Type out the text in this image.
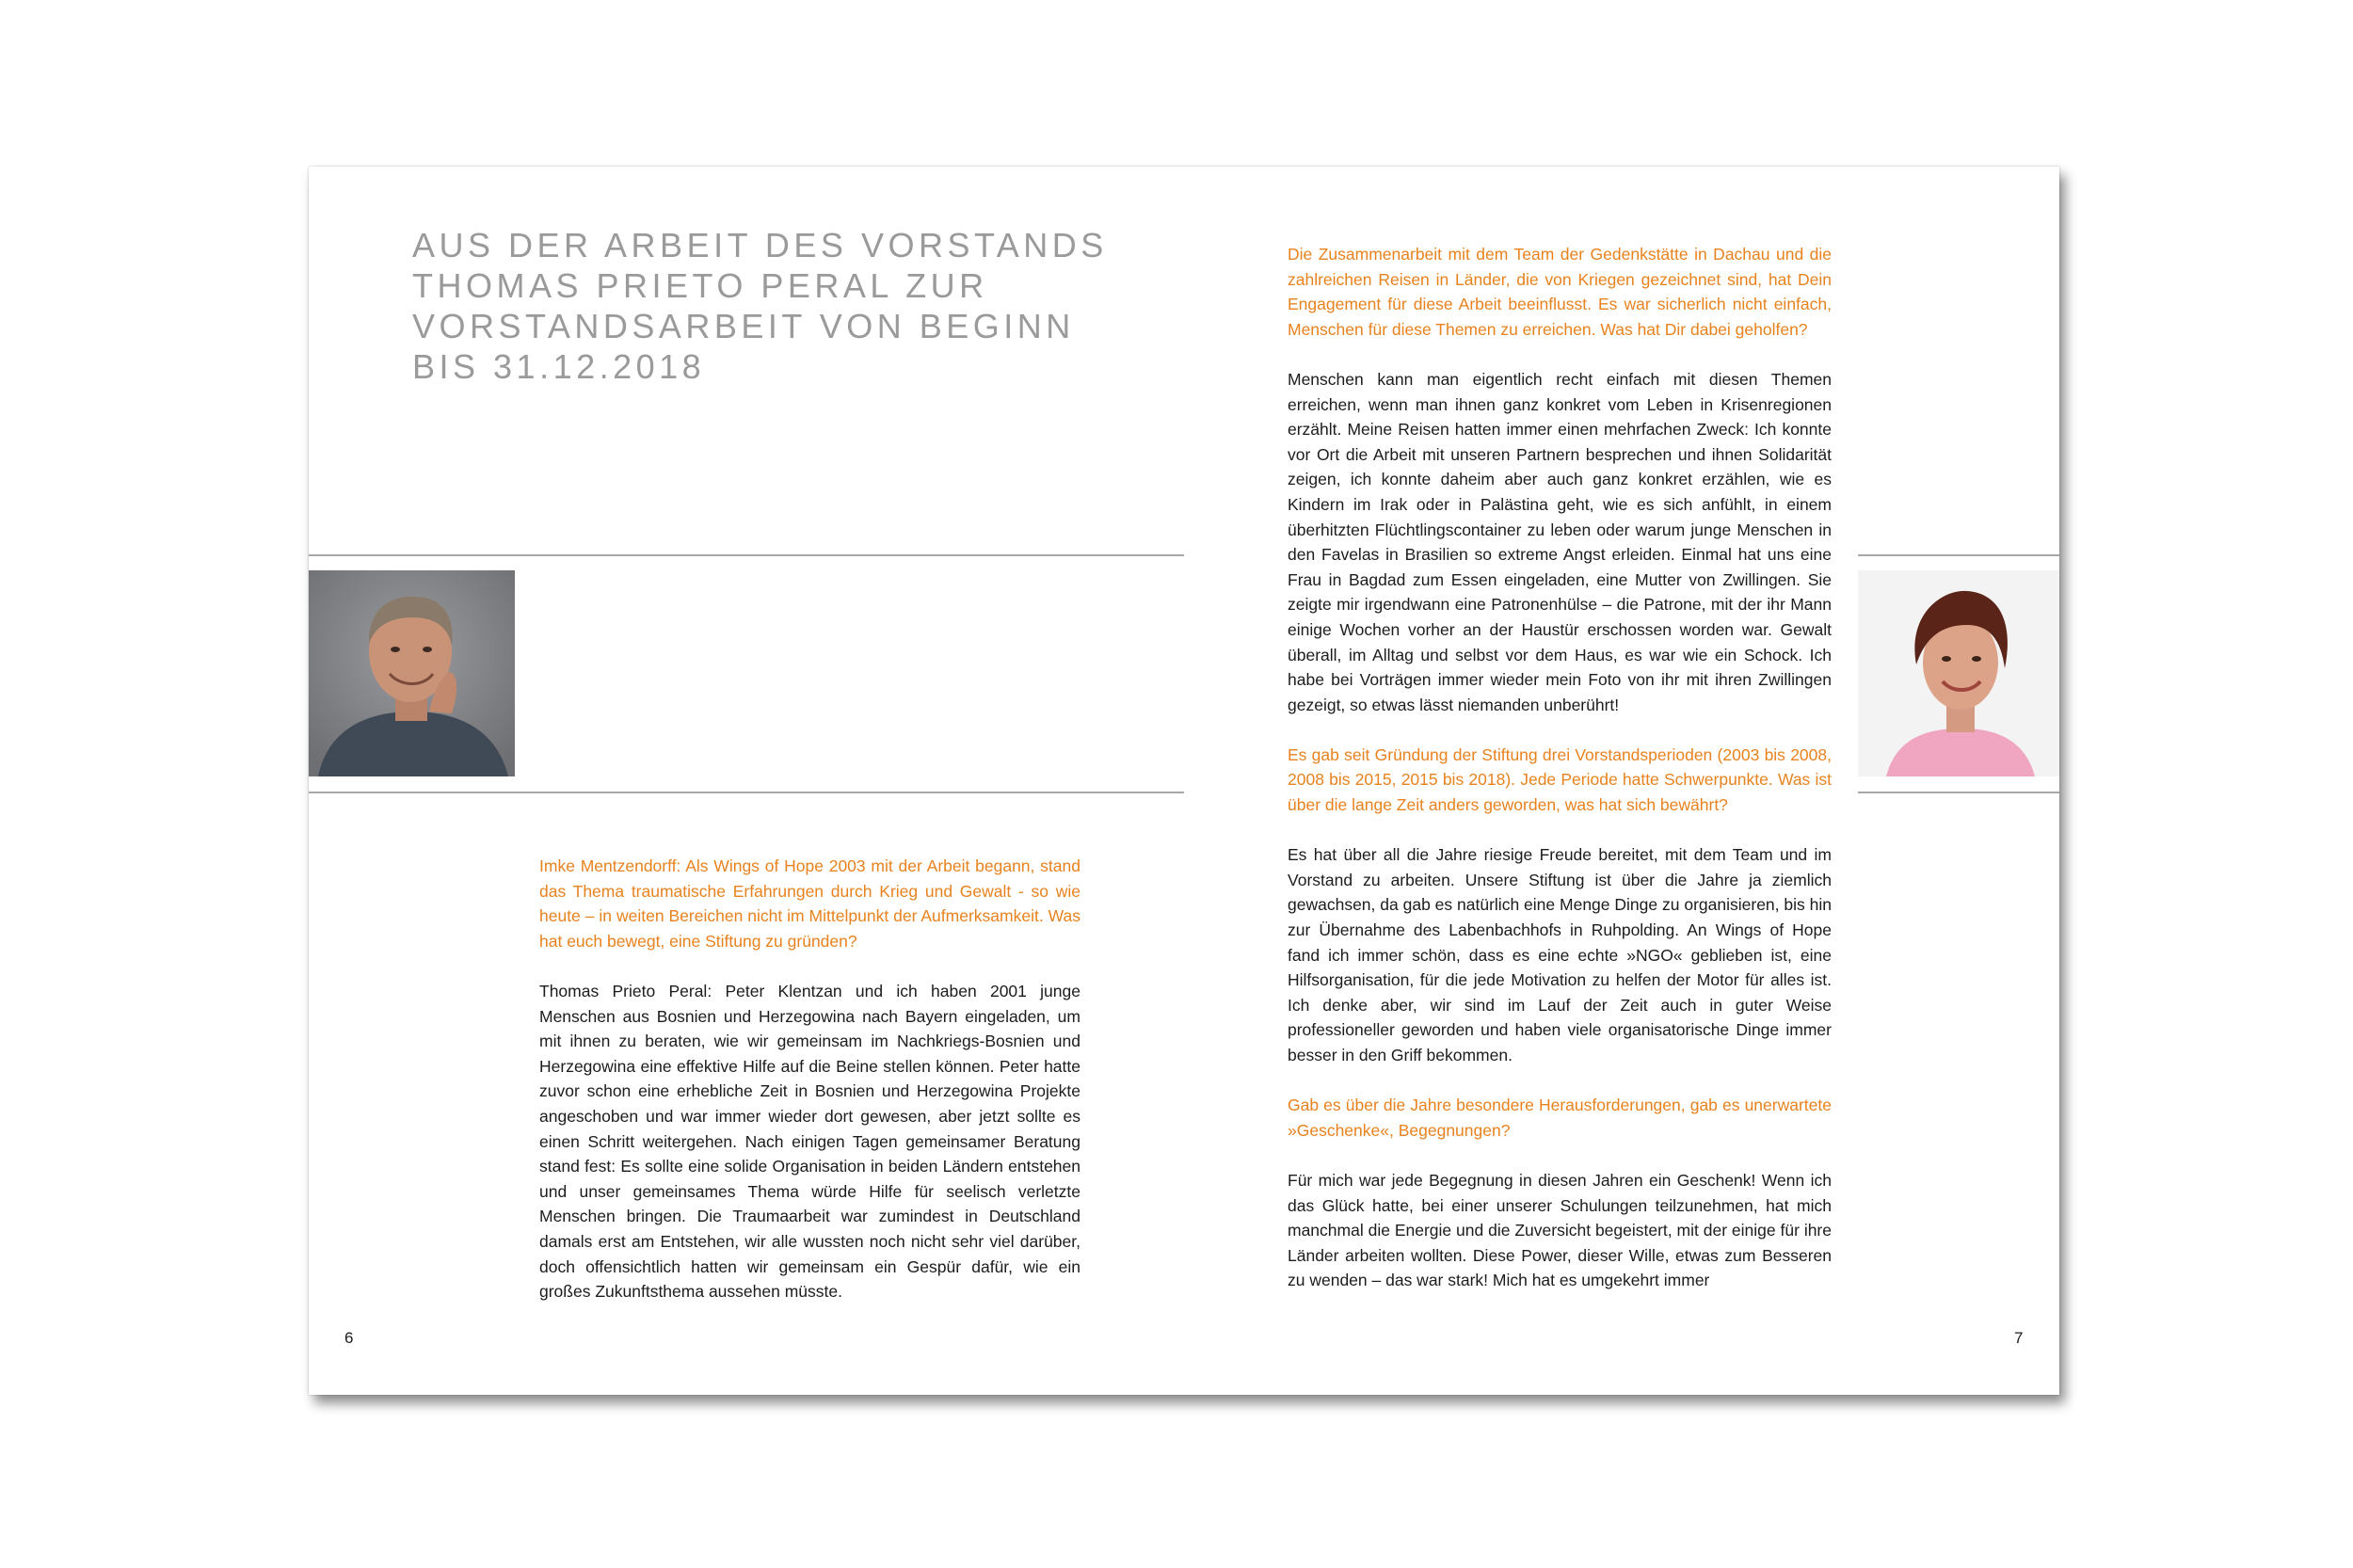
AUS DER ARBEIT DES VORSTANDS
THOMAS PRIETO PERAL ZUR
VORSTANDSARBEIT VON BEGINN
BIS 31.12.2018

Imke Mentzendorff: Als Wings of Hope 2003 mit der Arbeit begann, stand das Thema traumatische Erfahrungen durch Krieg und Gewalt - so wie heute – in weiten Bereichen nicht im Mittelpunkt der Aufmerksamkeit. Was hat euch bewegt, eine Stiftung zu gründen?

Thomas Prieto Peral: Peter Klentzan und ich haben 2001 junge Menschen aus Bosnien und Herzegowina nach Bayern eingeladen, um mit ihnen zu beraten, wie wir gemeinsam im Nachkriegs-Bosnien und Herzegowina eine effektive Hilfe auf die Beine stellen können. Peter hatte zuvor schon eine erhebliche Zeit in Bosnien und Herzegowina Projekte angeschoben und war immer wieder dort gewesen, aber jetzt sollte es einen Schritt weitergehen. Nach einigen Tagen gemeinsamer Beratung stand fest: Es sollte eine solide Organisation in beiden Ländern entstehen und unser gemeinsames Thema würde Hilfe für seelisch verletzte Menschen bringen. Die Traumaarbeit war zumindest in Deutschland damals erst am Entstehen, wir alle wussten noch nicht sehr viel darüber, doch offensichtlich hatten wir gemeinsam ein Gespür dafür, wie ein großes Zukunftsthema aussehen müsste.

Die Zusammenarbeit mit dem Team der Gedenkstätte in Dachau und die zahlreichen Reisen in Länder, die von Kriegen gezeichnet sind, hat Dein Engagement für diese Arbeit beeinflusst. Es war sicherlich nicht einfach, Menschen für diese Themen zu erreichen. Was hat Dir dabei geholfen?

Menschen kann man eigentlich recht einfach mit diesen Themen erreichen, wenn man ihnen ganz konkret vom Leben in Krisenregionen erzählt. Meine Reisen hatten immer einen mehrfachen Zweck: Ich konnte vor Ort die Arbeit mit unseren Partnern besprechen und ihnen Solidarität zeigen, ich konnte daheim aber auch ganz konkret erzählen, wie es Kindern im Irak oder in Palästina geht, wie es sich anfühlt, in einem überhitzten Flüchtlingscontainer zu leben oder warum junge Menschen in den Favelas in Brasilien so extreme Angst erleiden. Einmal hat uns eine Frau in Bagdad zum Essen eingeladen, eine Mutter von Zwillingen. Sie zeigte mir irgendwann eine Patronenhülse – die Patrone, mit der ihr Mann einige Wochen vorher an der Haustür erschossen worden war. Gewalt überall, im Alltag und selbst vor dem Haus, es war wie ein Schock. Ich habe bei Vorträgen immer wieder mein Foto von ihr mit ihren Zwillingen gezeigt, so etwas lässt niemanden unberührt!

Es gab seit Gründung der Stiftung drei Vorstandsperioden (2003 bis 2008, 2008 bis 2015, 2015 bis 2018). Jede Periode hatte Schwerpunkte. Was ist über die lange Zeit anders geworden, was hat sich bewährt?

Es hat über all die Jahre riesige Freude bereitet, mit dem Team und im Vorstand zu arbeiten. Unsere Stiftung ist über die Jahre ja ziemlich gewachsen, da gab es natürlich eine Menge Dinge zu organisieren, bis hin zur Übernahme des Labenbachhofs in Ruhpolding. An Wings of Hope fand ich immer schön, dass es eine echte »NGO« geblieben ist, eine Hilfsorganisation, für die jede Motivation zu helfen der Motor für alles ist. Ich denke aber, wir sind im Lauf der Zeit auch in guter Weise professioneller geworden und haben viele organisatorische Dinge immer besser in den Griff bekommen.

Gab es über die Jahre besondere Herausforderungen, gab es unerwartete »Geschenke«, Begegnungen?

Für mich war jede Begegnung in diesen Jahren ein Geschenk! Wenn ich das Glück hatte, bei einer unserer Schulungen teilzunehmen, hat mich manchmal die Energie und die Zuversicht begeistert, mit der einige für ihre Länder arbeiten wollten. Diese Power, dieser Wille, etwas zum Besseren zu wenden – das war stark! Mich hat es umgekehrt immer

6	7
